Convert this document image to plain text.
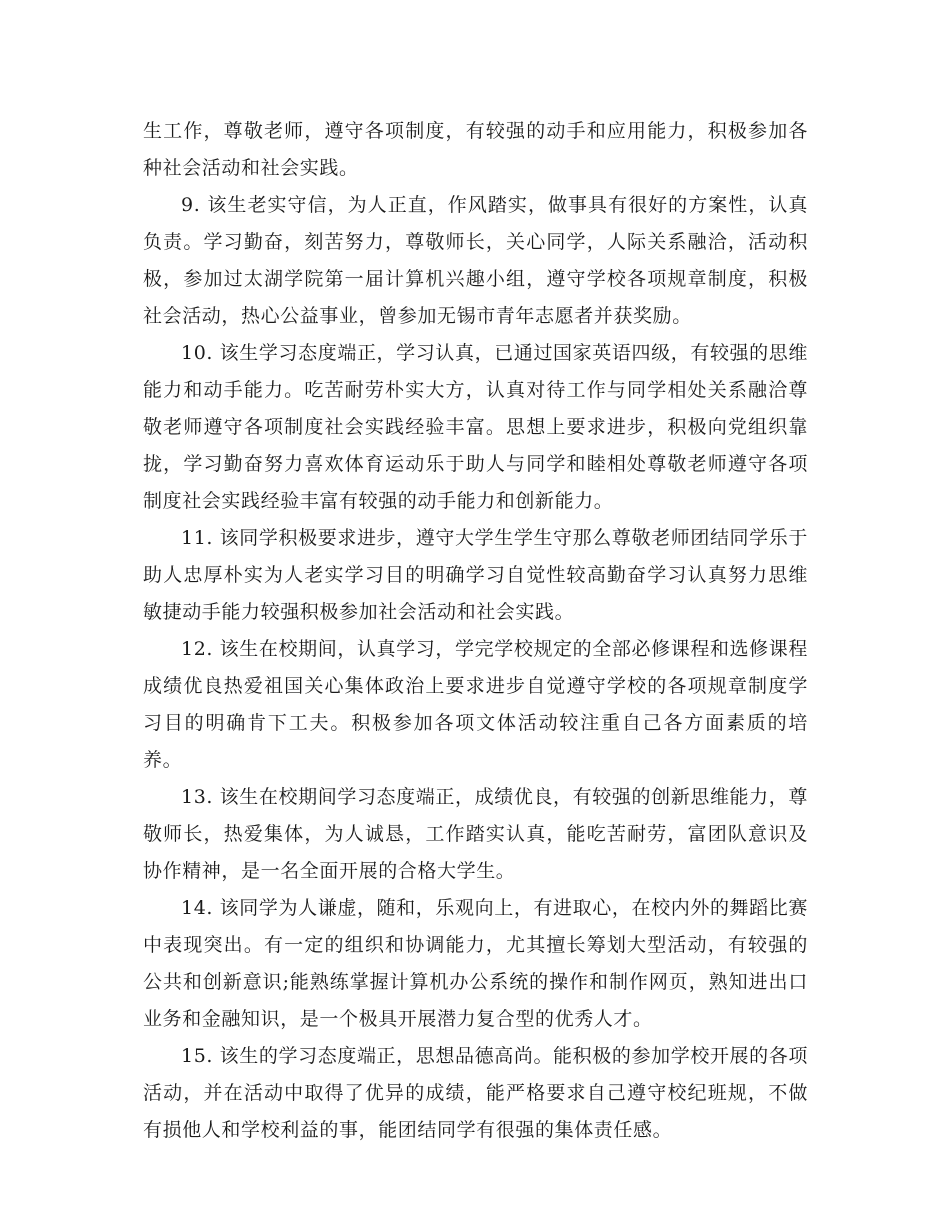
生工作，尊敬老师，遵守各项制度，有较强的动手和应用能力，积极参加各种社会活动和社会实践。

9. 该生老实守信，为人正直，作风踏实，做事具有很好的方案性，认真负责。学习勤奋，刻苦努力，尊敬师长，关心同学，人际关系融洽，活动积极，参加过太湖学院第一届计算机兴趣小组，遵守学校各项规章制度，积极社会活动，热心公益事业，曾参加无锡市青年志愿者并获奖励。

10. 该生学习态度端正，学习认真，已通过国家英语四级，有较强的思维能力和动手能力。吃苦耐劳朴实大方，认真对待工作与同学相处关系融洽尊敬老师遵守各项制度社会实践经验丰富。思想上要求进步，积极向党组织靠拢，学习勤奋努力喜欢体育运动乐于助人与同学和睦相处尊敬老师遵守各项制度社会实践经验丰富有较强的动手能力和创新能力。

11. 该同学积极要求进步，遵守大学生学生守那么尊敬老师团结同学乐于助人忠厚朴实为人老实学习目的明确学习自觉性较高勤奋学习认真努力思维敏捷动手能力较强积极参加社会活动和社会实践。

12. 该生在校期间，认真学习，学完学校规定的全部必修课程和选修课程成绩优良热爱祖国关心集体政治上要求进步自觉遵守学校的各项规章制度学习目的明确肯下工夫。积极参加各项文体活动较注重自己各方面素质的培养。

13. 该生在校期间学习态度端正，成绩优良，有较强的创新思维能力，尊敬师长，热爱集体，为人诚恳，工作踏实认真，能吃苦耐劳，富团队意识及协作精神，是一名全面开展的合格大学生。

14. 该同学为人谦虚，随和，乐观向上，有进取心，在校内外的舞蹈比赛中表现突出。有一定的组织和协调能力，尤其擅长筹划大型活动，有较强的公共和创新意识;能熟练掌握计算机办公系统的操作和制作网页，熟知进出口业务和金融知识，是一个极具开展潜力复合型的优秀人才。

15. 该生的学习态度端正，思想品德高尚。能积极的参加学校开展的各项活动，并在活动中取得了优异的成绩，能严格要求自己遵守校纪班规，不做有损他人和学校利益的事，能团结同学有很强的集体责任感。
